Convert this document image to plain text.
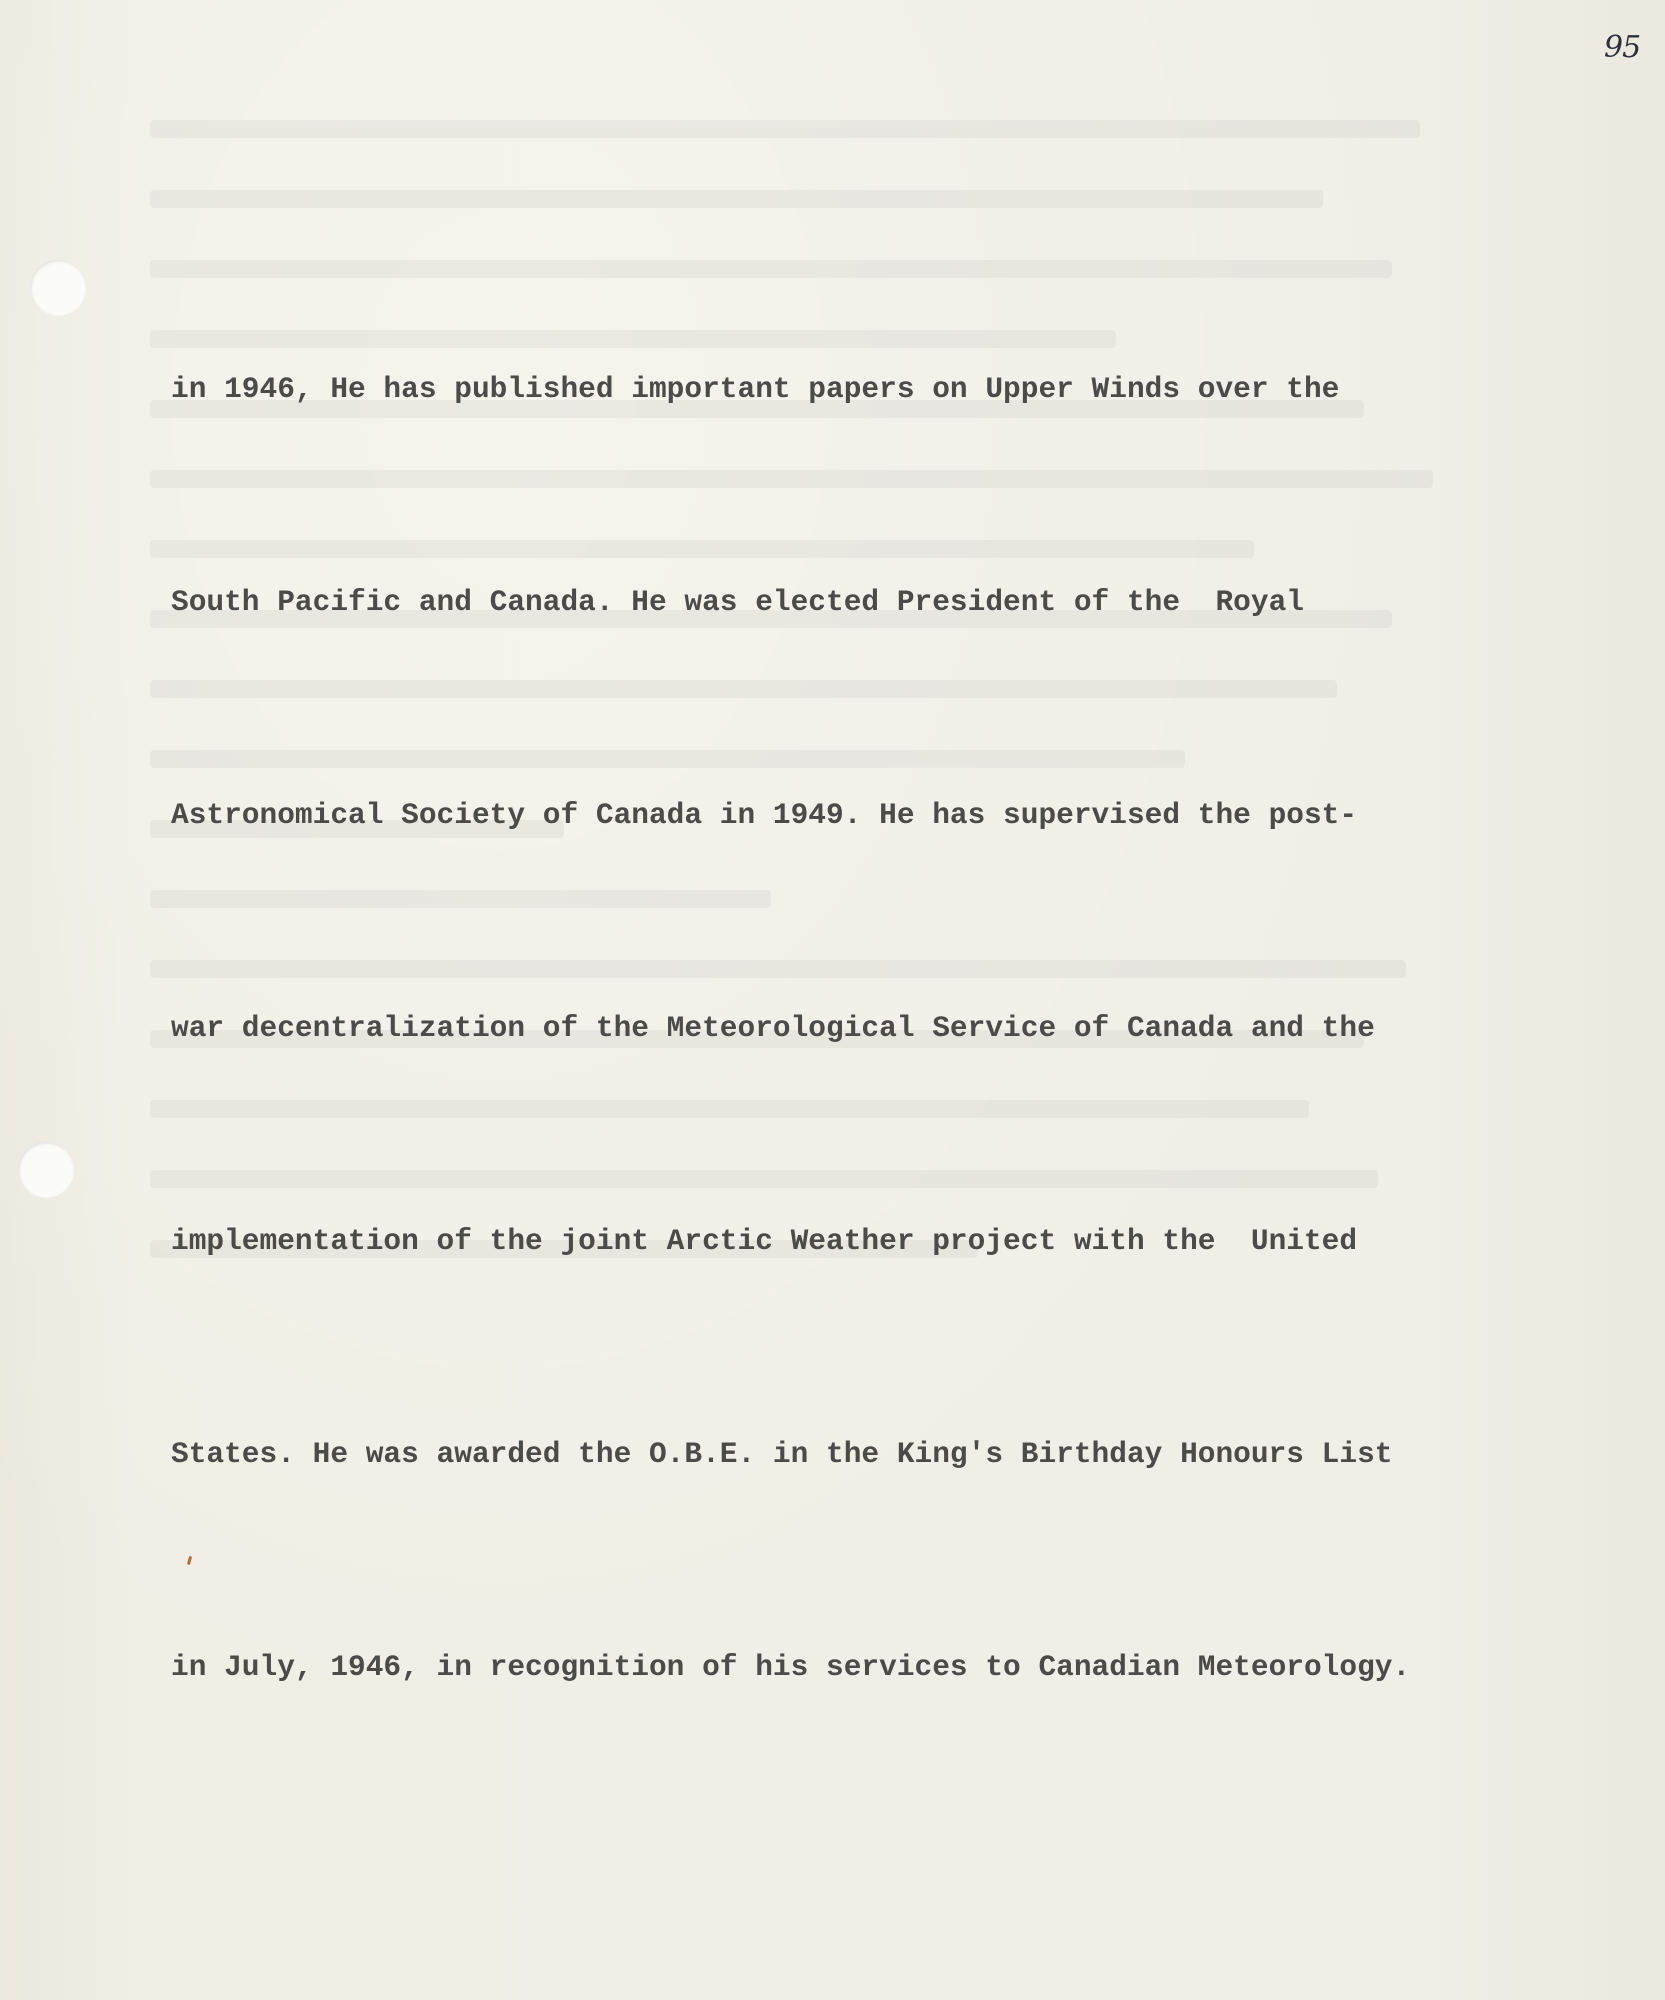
95

in 1946, He has published important papers on Upper Winds over the

South Pacific and Canada. He was elected President of the  Royal

Astronomical Society of Canada in 1949. He has supervised the post-

war decentralization of the Meteorological Service of Canada and the

implementation of the joint Arctic Weather project with the  United

States. He was awarded the O.B.E. in the King's Birthday Honours List

in July, 1946, in recognition of his services to Canadian Meteorology.
